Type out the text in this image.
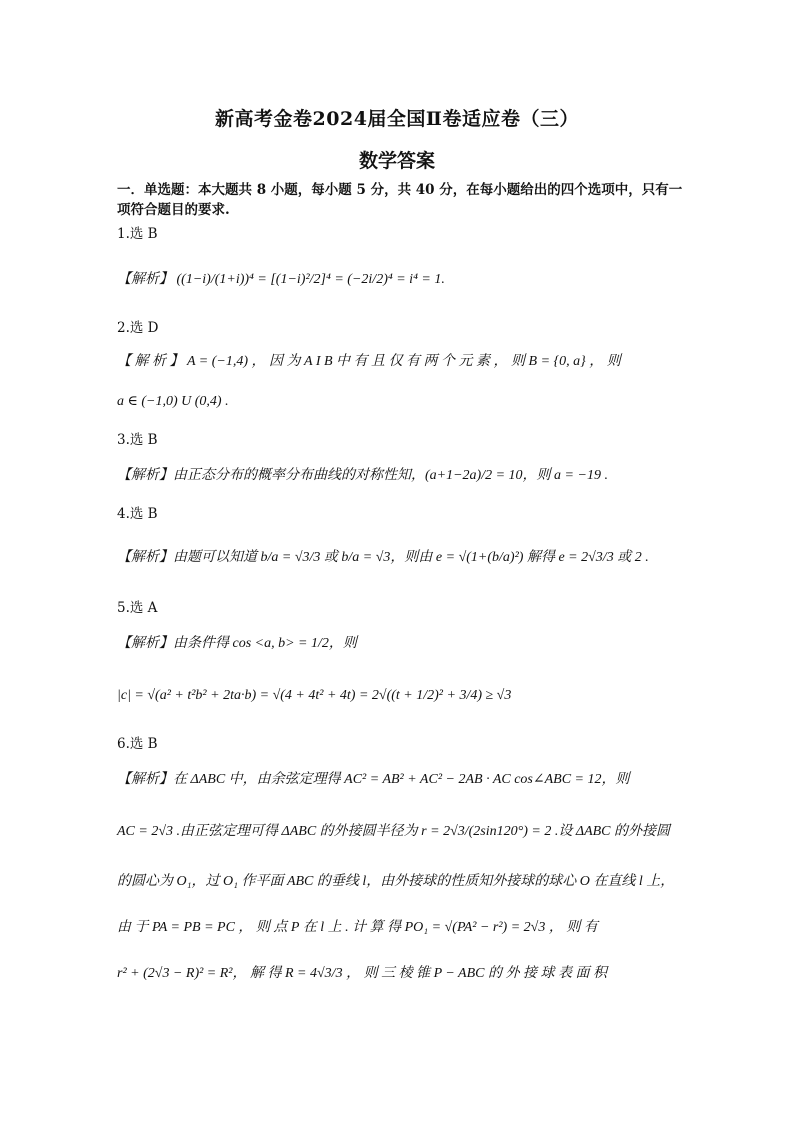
新高考金卷2024届全国Ⅱ卷适应卷（三）
数学答案
一．单选题：本大题共 8 小题，每小题 5 分，共 40 分，在每小题给出的四个选项中，只有一项符合题目的要求.
1.选 B
【解析】 ((1−i)/(1+i))⁴ = [(1−i)²/2]⁴ = (−2i/2)⁴ = i⁴ = 1.
2.选 D
【 解 析 】 A = (−1,4) ， 因 为 A I B 中 有 且 仅 有 两 个 元 素 ， 则 B = {0, a} ， 则
a ∈ (−1,0) U (0,4) .
3.选 B
【解析】由正态分布的概率分布曲线的对称性知，(a+1−2a)/2 = 10，则 a = −19 .
4.选 B
【解析】由题可以知道 b/a = √3/3 或 b/a = √3，则由 e = √(1+(b/a)²) 解得 e = 2√3/3 或 2 .
5.选 A
【解析】由条件得 cos <a, b> = 1/2，则
|c| = √(a² + t²b² + 2ta·b) = √(4 + 4t² + 4t) = 2√((t + 1/2)² + 3/4) ≥ √3
6.选 B
【解析】在 ΔABC 中，由余弦定理得 AC² = AB² + AC² − 2AB · AC cos∠ABC = 12，则
AC = 2√3 .由正弦定理可得 ΔABC 的外接圆半径为 r = 2√3/(2sin120°) = 2 .设 ΔABC 的外接圆
的圆心为 O₁，过 O₁ 作平面 ABC 的垂线 l，由外接球的性质知外接球的球心 O 在直线 l 上，
由 于 PA = PB = PC ， 则 点 P 在 l 上 . 计 算 得 PO₁ = √(PA² − r²) = 2√3 ， 则 有
r² + (2√3 − R)² = R²， 解 得 R = 4√3/3 ， 则 三 棱 锥 P − ABC 的 外 接 球 表 面 积
